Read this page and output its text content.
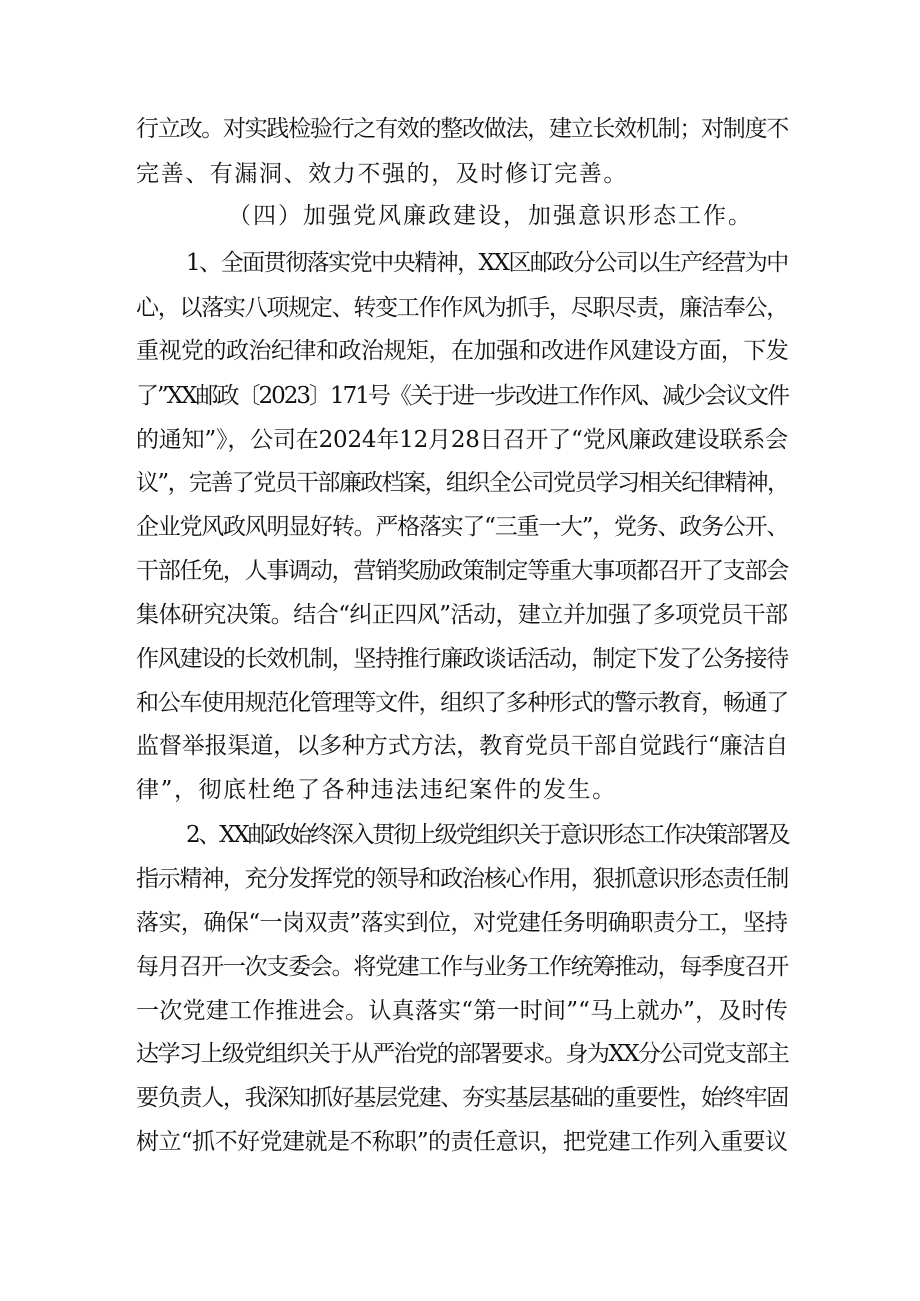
行立改。对实践检验行之有效的整改做法，建立长效机制；对制度不
完善、有漏洞、效力不强的，及时修订完善。
（四）加强党风廉政建设，加强意识形态工作。
1、全面贯彻落实党中央精神，XX区邮政分公司以生产经营为中
心，以落实八项规定、转变工作作风为抓手，尽职尽责，廉洁奉公，
重视党的政治纪律和政治规矩，在加强和改进作风建设方面，下发
了”XX邮政〔2023〕171号《关于进一步改进工作作风、减少会议文件
的通知”》，公司在2024年12月28日召开了“党风廉政建设联系会
议”，完善了党员干部廉政档案，组织全公司党员学习相关纪律精神，
企业党风政风明显好转。严格落实了“三重一大”，党务、政务公开、
干部任免，人事调动，营销奖励政策制定等重大事项都召开了支部会
集体研究决策。结合“纠正四风”活动，建立并加强了多项党员干部
作风建设的长效机制，坚持推行廉政谈话活动，制定下发了公务接待
和公车使用规范化管理等文件，组织了多种形式的警示教育，畅通了
监督举报渠道，以多种方式方法，教育党员干部自觉践行“廉洁自
律”，彻底杜绝了各种违法违纪案件的发生。
2、XX邮政始终深入贯彻上级党组织关于意识形态工作决策部署及
指示精神，充分发挥党的领导和政治核心作用，狠抓意识形态责任制
落实，确保“一岗双责”落实到位，对党建任务明确职责分工，坚持
每月召开一次支委会。将党建工作与业务工作统筹推动，每季度召开
一次党建工作推进会。认真落实“第一时间”“马上就办”，及时传
达学习上级党组织关于从严治党的部署要求。身为XX分公司党支部主
要负责人，我深知抓好基层党建、夯实基层基础的重要性，始终牢固
树立“抓不好党建就是不称职”的责任意识，把党建工作列入重要议
